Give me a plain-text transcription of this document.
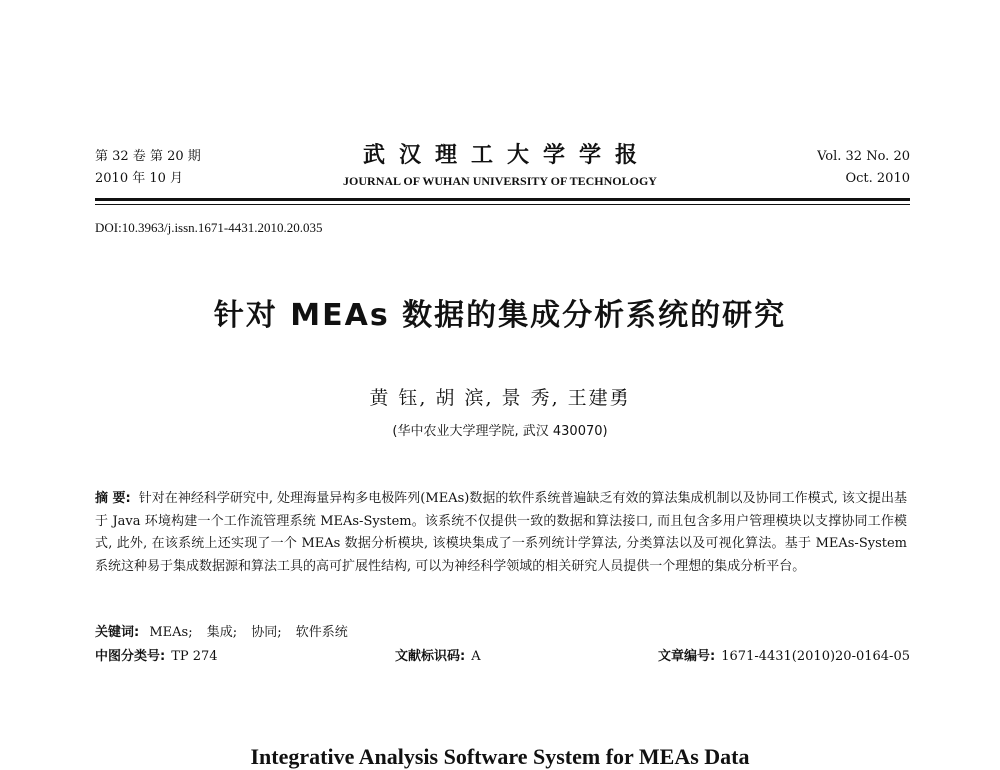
第 32 卷 第 20 期
2010 年 10 月
武汉理工大学学报
JOURNAL OF WUHAN UNIVERSITY OF TECHNOLOGY
Vol. 32 No. 20
Oct. 2010
DOI:10.3963/j.issn.1671-4431.2010.20.035
针对 MEAs 数据的集成分析系统的研究
黄 钰, 胡 滨, 景 秀, 王建勇
(华中农业大学理学院, 武汉 430070)
摘 要: 针对在神经科学研究中, 处理海量异构多电极阵列(MEAs)数据的软件系统普遍缺乏有效的算法集成机制以及协同工作模式, 该文提出基于 Java 环境构建一个工作流管理系统 MEAs-System。该系统不仅提供一致的数据和算法接口, 而且包含多用户管理模块以支撑协同工作模式, 此外, 在该系统上还实现了一个 MEAs 数据分析模块, 该模块集成了一系列统计学算法, 分类算法以及可视化算法。基于 MEAs-System 系统这种易于集成数据源和算法工具的高可扩展性结构, 可以为神经科学领域的相关研究人员提供一个理想的集成分析平台。
关键词: MEAs; 集成; 协同; 软件系统
中图分类号: TP 274	文献标识码: A	文章编号: 1671-4431(2010)20-0164-05
Integrative Analysis Software System for MEAs Data
